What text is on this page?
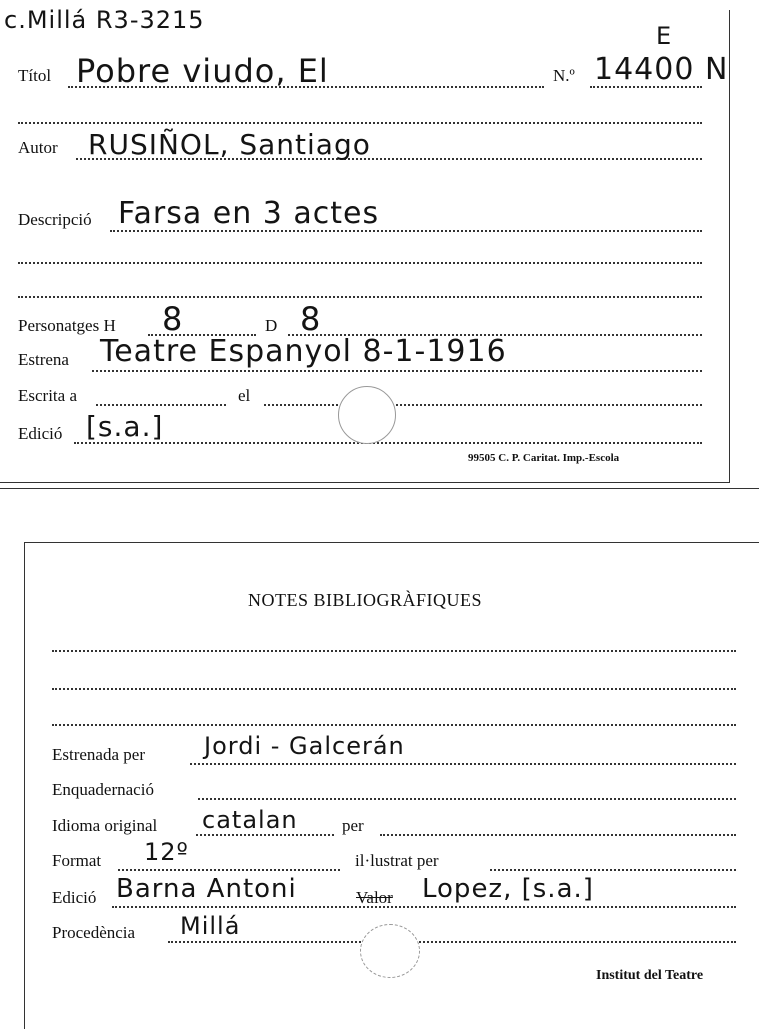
c.Millá R3-3215
E
Títol Pobre viudo, El	N.º 14400 N
Autor RUSIÑOL, Santiago
Descripció Farsa en 3 actes
Personatges H 8	D 8
Estrena Teatre Espanyol 8-1-1916
Escrita a	el
Edició [s.a.]
99505 C. P. Caritat. Imp.-Escola
NOTES BIBLIOGRÀFIQUES
Estrenada per Jordi - Galcerán
Enquadernació
Idioma original catalan	per
Format 12º	il·lustrat per
Edició Barna Antoni	Valor Lopez, [s.a.]
Procedència Millá
Institut del Teatre
